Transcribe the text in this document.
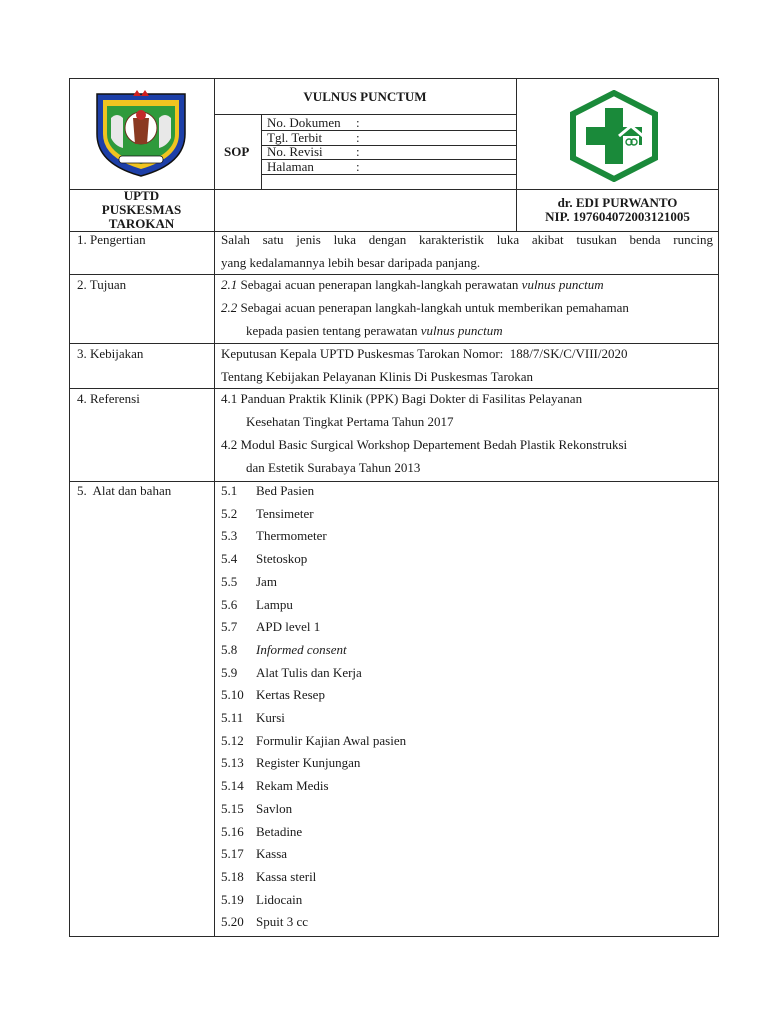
VULNUS PUNCTUM
SOP
No. Dokumen :
Tgl. Terbit	:
No. Revisi	:
Halaman	:
UPTD
PUSKESMAS
TAROKAN
dr. EDI PURWANTO
NIP. 197604072003121005
1. Pengertian	Salah satu jenis luka dengan karakteristik luka akibat tusukan benda runcing
yang kedalamannya lebih besar daripada panjang.
2. Tujuan	2.1 Sebagai acuan penerapan langkah-langkah perawatan vulnus punctum
2.2 Sebagai acuan penerapan langkah-langkah untuk memberikan pemahaman
kepada pasien tentang perawatan vulnus punctum
3. Kebijakan	Keputusan Kepala UPTD Puskesmas Tarokan Nomor:  188/7/SK/C/VIII/2020
Tentang Kebijakan Pelayanan Klinis Di Puskesmas Tarokan
4. Referensi	4.1 Panduan Praktik Klinik (PPK) Bagi Dokter di Fasilitas Pelayanan
Kesehatan Tingkat Pertama Tahun 2017
4.2 Modul Basic Surgical Workshop Departement Bedah Plastik Rekonstruksi
dan Estetik Surabaya Tahun 2013
5.  Alat dan bahan	5.1 Bed Pasien
5.2 Tensimeter
5.3 Thermometer
5.4 Stetoskop
5.5 Jam
5.6 Lampu
5.7 APD level 1
5.8 Informed consent
5.9 Alat Tulis dan Kerja
5.10 Kertas Resep
5.11 Kursi
5.12 Formulir Kajian Awal pasien
5.13 Register Kunjungan
5.14 Rekam Medis
5.15 Savlon
5.16 Betadine
5.17 Kassa
5.18 Kassa steril
5.19 Lidocain
5.20 Spuit 3 cc
